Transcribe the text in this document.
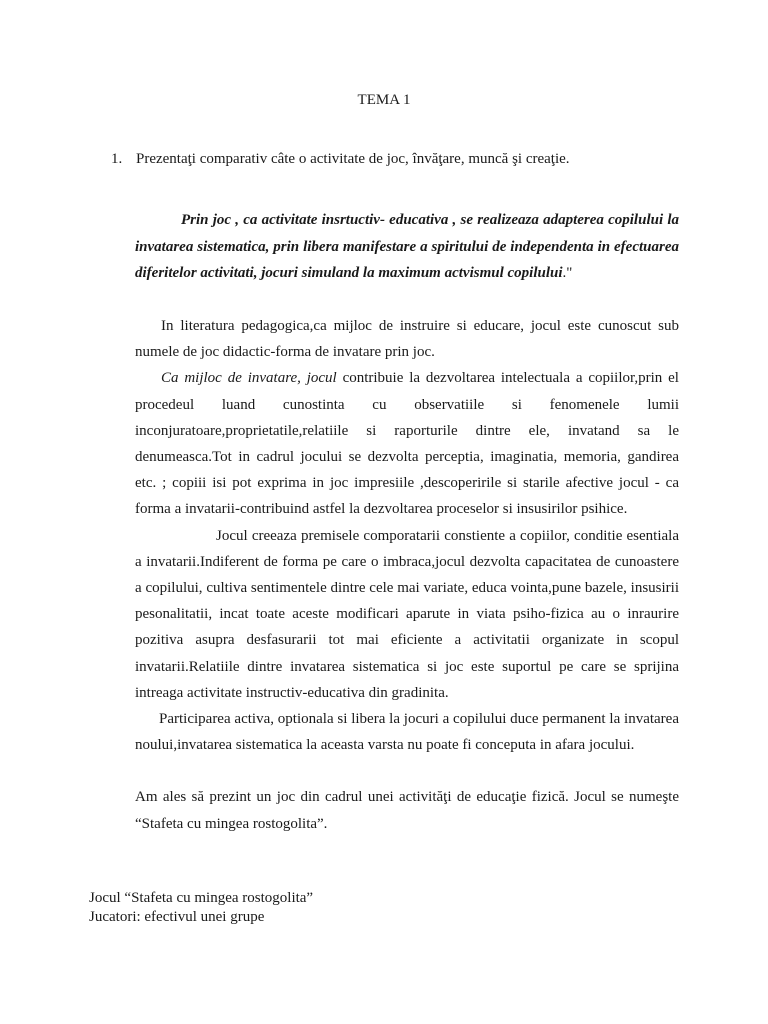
TEMA 1
1. Prezentaţi comparativ câte o activitate de joc, învăţare, muncă şi creaţie.

Prin joc , ca activitate insrtuctiv- educativa , se realizeaza adapterea copilului la invatarea sistematica, prin libera manifestare a spiritului de independenta in efectuarea diferitelor activitati, jocuri simuland la maximum actvismul copilului."

In literatura pedagogica,ca mijloc de instruire si educare, jocul este cunoscut sub numele de joc didactic-forma de invatare prin joc.

Ca mijloc de invatare, jocul contribuie la dezvoltarea intelectuala a copiilor,prin el procedeul luand cunostinta cu observatiile si fenomenele lumii inconjuratoare,proprietatile,relatiile si raporturile dintre ele, invatand sa le denumeasca.Tot in cadrul jocului se dezvolta perceptia, imaginatia, memoria, gandirea etc. ; copiii isi pot exprima in joc impresiile ,descoperirile si starile afective jocul - ca forma a invatarii-contribuind astfel la dezvoltarea proceselor si insusirilor psihice.

Jocul creeaza premisele comporatarii constiente a copiilor, conditie esentiala a invatarii.Indiferent de forma pe care o imbraca,jocul dezvolta capacitatea de cunoastere a copilului, cultiva sentimentele dintre cele mai variate, educa vointa,pune bazele, insusirii pesonalitatii, incat toate aceste modificari aparute in viata psiho-fizica au o inraurire pozitiva asupra desfasurarii tot mai eficiente a activitatii organizate in scopul invatarii.Relatiile dintre invatarea sistematica si joc este suportul pe care se sprijina intreaga activitate instructiv-educativa din gradinita.

Participarea activa, optionala si libera la jocuri a copilului duce permanent la invatarea noului,invatarea sistematica la aceasta varsta nu poate fi conceputa in afara jocului.

Am ales să prezint un joc din cadrul unei activităţi de educaţie fizică. Jocul se numeşte “Stafeta cu mingea rostogolita”.

Jocul “Stafeta cu mingea rostogolita”
Jucatori: efectivul unei grupe
